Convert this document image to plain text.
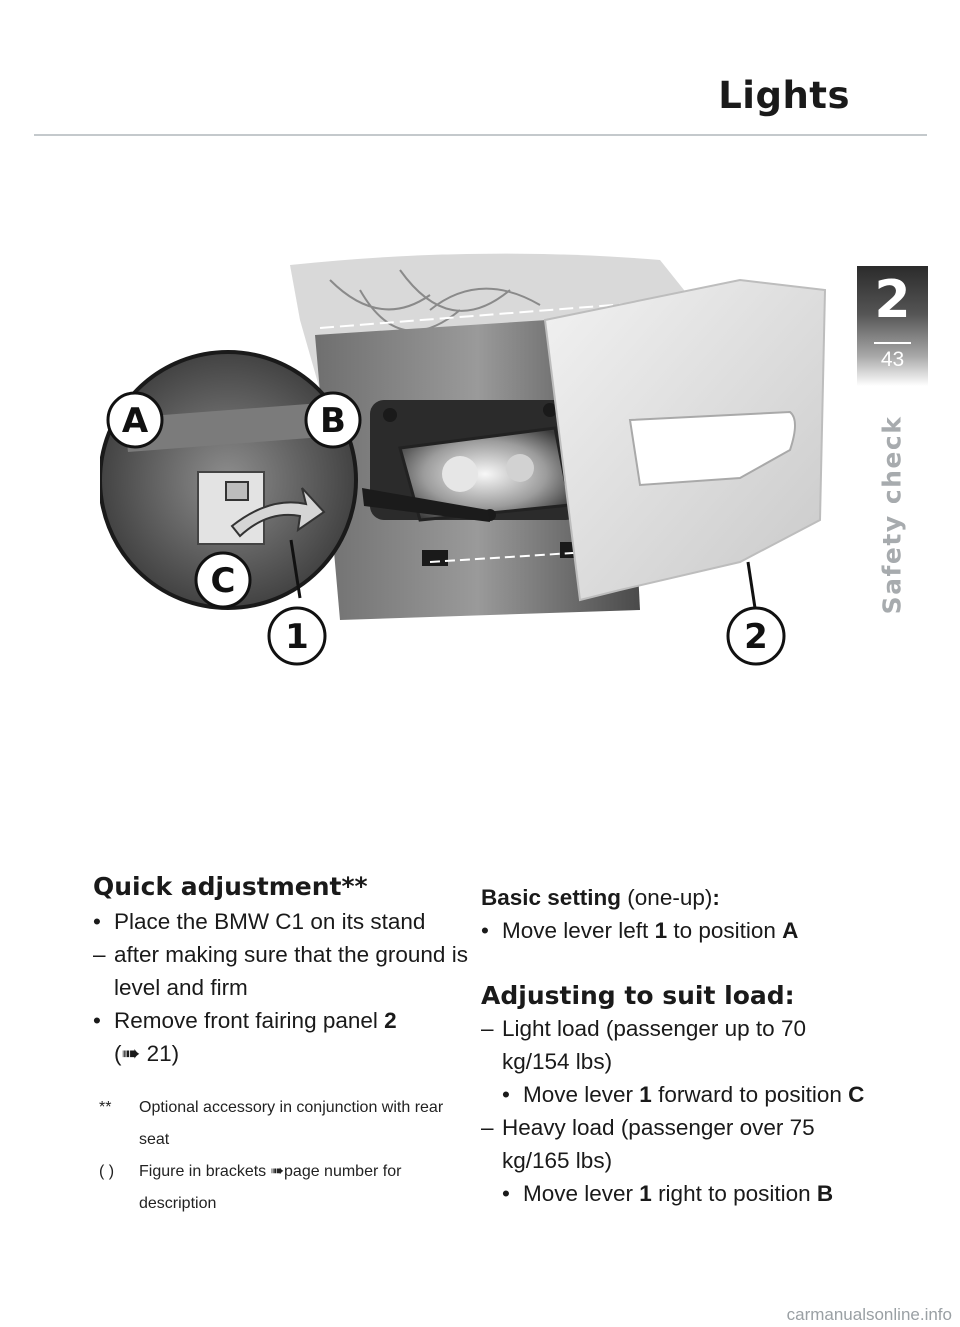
Lights
2
43
Safety check
A	B
C
1	2
Quick adjustment**
• Place the BMW C1 on its stand
– after making sure that the ground is level and firm
• Remove front fairing panel 2
(➠ 21)
** Optional accessory in conjunction with rear seat
( ) Figure in brackets ➠page number for description
Basic setting (one-up):
• Move lever left 1 to position A
Adjusting to suit load:
– Light load (passenger up to 70 kg/154 lbs)
• Move lever 1 forward to position C
– Heavy load (passenger over 75 kg/165 lbs)
• Move lever 1 right to position B
carmanualsonline.info
